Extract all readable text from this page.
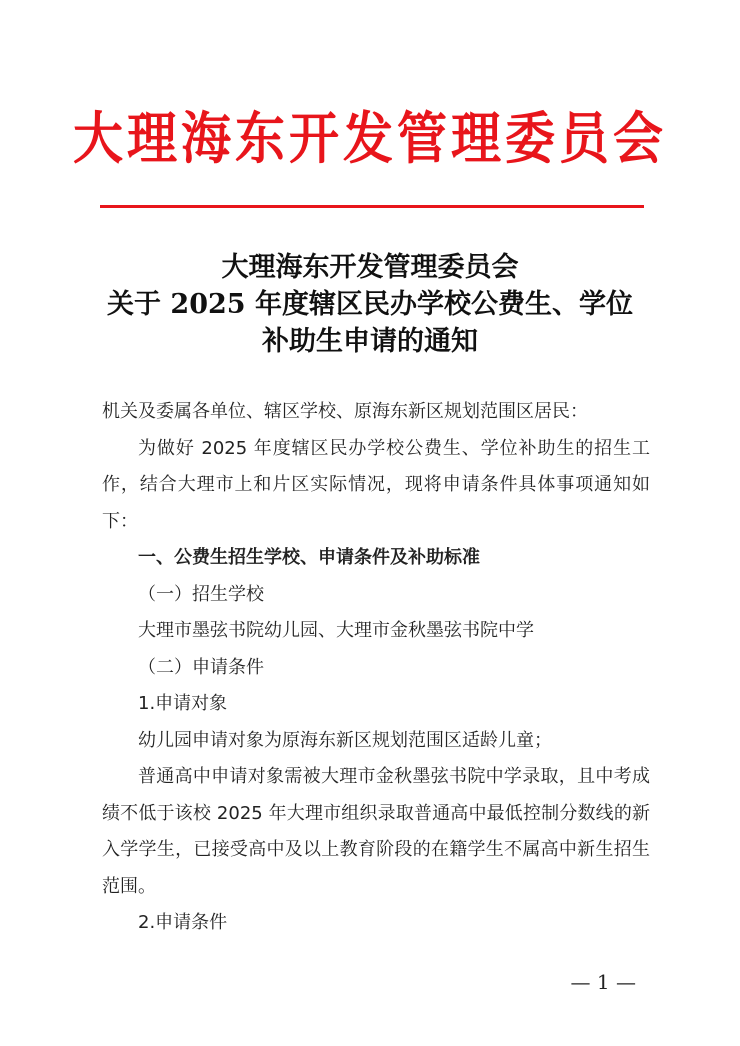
大理海东开发管理委员会
大理海东开发管理委员会
关于 2025 年度辖区民办学校公费生、学位
补助生申请的通知

机关及委属各单位、辖区学校、原海东新区规划范围区居民：

为做好 2025 年度辖区民办学校公费生、学位补助生的招生工作，结合大理市上和片区实际情况，现将申请条件具体事项通知如下：

一、公费生招生学校、申请条件及补助标准

（一）招生学校

大理市墨弦书院幼儿园、大理市金秋墨弦书院中学

（二）申请条件

1.申请对象

幼儿园申请对象为原海东新区规划范围区适龄儿童；

普通高中申请对象需被大理市金秋墨弦书院中学录取，且中考成绩不低于该校 2025 年大理市组织录取普通高中最低控制分数线的新入学学生，已接受高中及以上教育阶段的在籍学生不属高中新生招生范围。

2.申请条件

— 1 —
